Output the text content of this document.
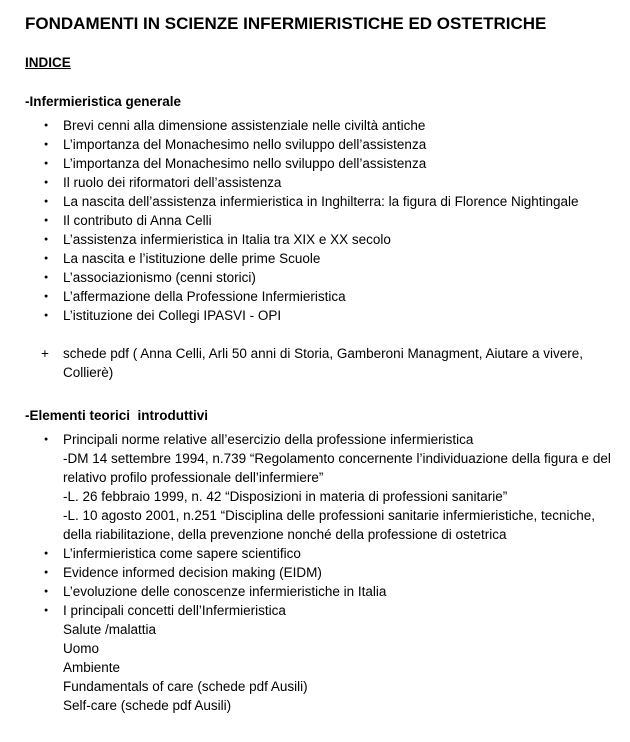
FONDAMENTI IN SCIENZE INFERMIERISTICHE ED OSTETRICHE
INDICE

-Infermieristica generale

● Brevi cenni alla dimensione assistenziale nelle civiltà antiche
● L’importanza del Monachesimo nello sviluppo dell’assistenza
● L’importanza del Monachesimo nello sviluppo dell’assistenza
● Il ruolo dei riformatori dell’assistenza
● La nascita dell’assistenza infermieristica in Inghilterra: la figura di Florence Nightingale
● Il contributo di Anna Celli
● L’assistenza infermieristica in Italia tra XIX e XX secolo
● La nascita e l’istituzione delle prime Scuole
● L’associazionismo (cenni storici)
● L’affermazione della Professione Infermieristica
● L’istituzione dei Collegi IPASVI - OPI
+ schede pdf ( Anna Celli, Arli 50 anni di Storia, Gamberoni Managment, Aiutare a vivere, Collierè)

-Elementi teorici  introduttivi

● Principali norme relative all’esercizio della professione infermieristica
-DM 14 settembre 1994, n.739 “Regolamento concernente l’individuazione della figura e del relativo profilo professionale dell’infermiere”
-L. 26 febbraio 1999, n. 42 “Disposizioni in materia di professioni sanitarie”
-L. 10 agosto 2001, n.251 “Disciplina delle professioni sanitarie infermieristiche, tecniche, della riabilitazione, della prevenzione nonché della professione di ostetrica
● L’infermieristica come sapere scientifico
● Evidence informed decision making (EIDM)
● L’evoluzione delle conoscenze infermieristiche in Italia
● I principali concetti dell’Infermieristica
Salute /malattia
Uomo
Ambiente
Fundamentals of care (schede pdf Ausili)
Self-care (schede pdf Ausili)
